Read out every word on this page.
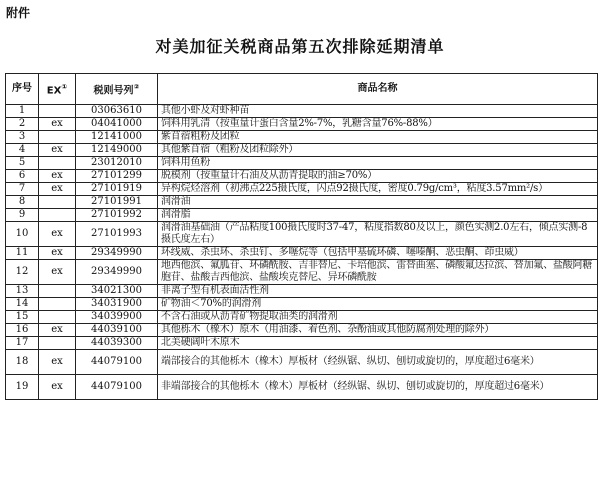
附件
对美加征关税商品第五次排除延期清单
序号	EX①	税则号列②	商品名称
1		03063610	其他小虾及对虾种苗
2	ex	04041000	饲料用乳清（按重量计蛋白含量2%-7%，乳糖含量76%-88%）
3		12141000	紫苜蓿粗粉及团粒
4	ex	12149000	其他紫苜蓿（粗粉及团粒除外）
5		23012010	饲料用鱼粉
6	ex	27101299	脱模剂（按重量计石油及从沥青提取的油≥70%）
7	ex	27101919	异构烷烃溶剂（初沸点225摄氏度，闪点92摄氏度，密度0.79g/cm³，粘度3.57mm²/s）
8		27101991	润滑油
9		27101992	润滑脂
10	ex	27101993	润滑油基础油（产品粘度100摄氏度时37-47，粘度指数80及以上，颜色实测2.0左右，倾点实测-8摄氏度左右）
11	ex	29349990	环线威、杀虫环、杀虫钉、多噻烷等（包括甲基硫环磷、噻嗪酮、恶虫酮、茚虫威）
12	ex	29349990	地西他滨、氟胍苷、环磷酰胺、吉非替尼、卡培他滨、雷替曲塞、磷酸氟达拉滨、替加氟、盐酸阿糖胞苷、盐酸吉西他滨、盐酸埃克替尼、异环磷酰胺
13		34021300	非离子型有机表面活性剂
14		34031900	矿物油＜70%的润滑剂
15		34039900	不含石油或从沥青矿物提取油类的润滑剂
16	ex	44039100	其他栎木（橡木）原木（用油漆、着色剂、杂酚油或其他防腐剂处理的除外）
17		44039300	北美硬阔叶木原木
18	ex	44079100	端部接合的其他栎木（橡木）厚板材（经纵锯、纵切、刨切或旋切的，厚度超过6毫米）
19	ex	44079100	非端部接合的其他栎木（橡木）厚板材（经纵锯、纵切、刨切或旋切的，厚度超过6毫米）
